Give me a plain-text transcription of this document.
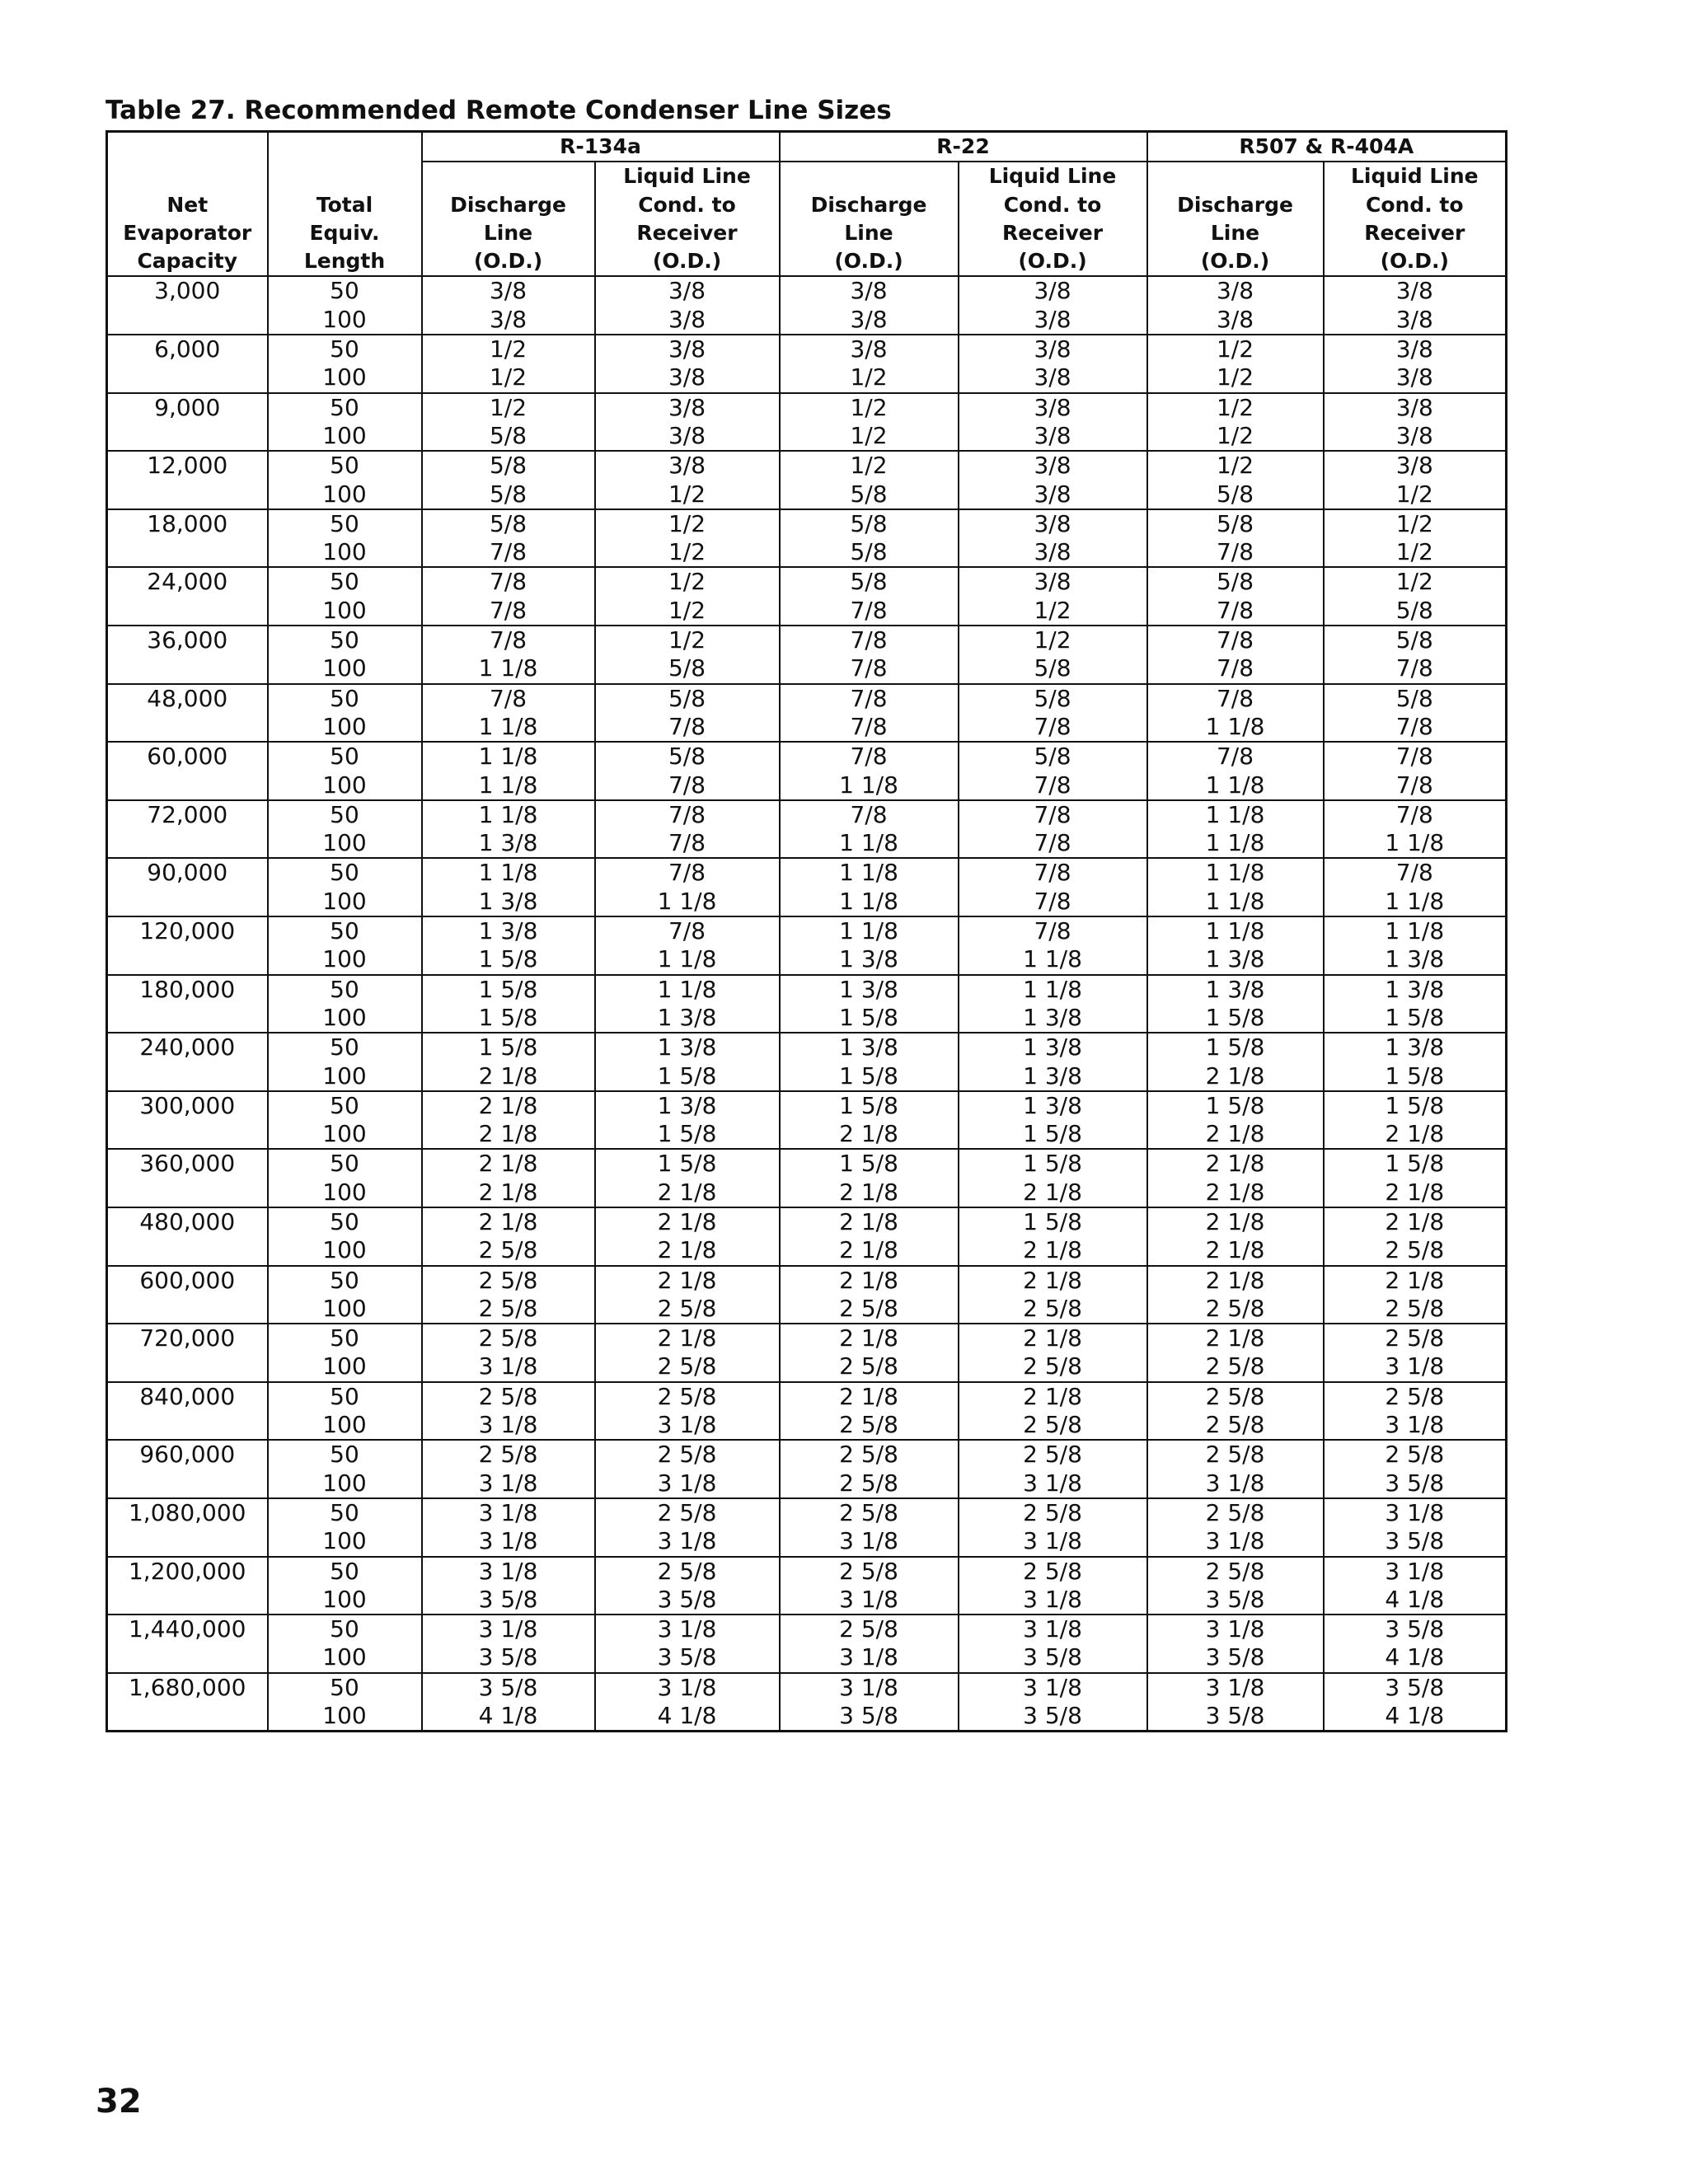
Table 27. Recommended Remote Condenser Line Sizes
		R-134a		R-22		R507 & R-404A	
			Liquid Line		Liquid Line		Liquid Line
Net	Total	Discharge	Cond. to	Discharge	Cond. to	Discharge	Cond. to
Evaporator	Equiv.	Line	Receiver	Line	Receiver	Line	Receiver
Capacity	Length	(O.D.)	(O.D.)	(O.D.)	(O.D.)	(O.D.)	(O.D.)
3,000	50	3/8	3/8	3/8	3/8	3/8	3/8
	100	3/8	3/8	3/8	3/8	3/8	3/8
6,000	50	1/2	3/8	3/8	3/8	1/2	3/8
	100	1/2	3/8	1/2	3/8	1/2	3/8
9,000	50	1/2	3/8	1/2	3/8	1/2	3/8
	100	5/8	3/8	1/2	3/8	1/2	3/8
12,000	50	5/8	3/8	1/2	3/8	1/2	3/8
	100	5/8	1/2	5/8	3/8	5/8	1/2
18,000	50	5/8	1/2	5/8	3/8	5/8	1/2
	100	7/8	1/2	5/8	3/8	7/8	1/2
24,000	50	7/8	1/2	5/8	3/8	5/8	1/2
	100	7/8	1/2	7/8	1/2	7/8	5/8
36,000	50	7/8	1/2	7/8	1/2	7/8	5/8
	100	1 1/8	5/8	7/8	5/8	7/8	7/8
48,000	50	7/8	5/8	7/8	5/8	7/8	5/8
	100	1 1/8	7/8	7/8	7/8	1 1/8	7/8
60,000	50	1 1/8	5/8	7/8	5/8	7/8	7/8
	100	1 1/8	7/8	1 1/8	7/8	1 1/8	7/8
72,000	50	1 1/8	7/8	7/8	7/8	1 1/8	7/8
	100	1 3/8	7/8	1 1/8	7/8	1 1/8	1 1/8
90,000	50	1 1/8	7/8	1 1/8	7/8	1 1/8	7/8
	100	1 3/8	1 1/8	1 1/8	7/8	1 1/8	1 1/8
120,000	50	1 3/8	7/8	1 1/8	7/8	1 1/8	1 1/8
	100	1 5/8	1 1/8	1 3/8	1 1/8	1 3/8	1 3/8
180,000	50	1 5/8	1 1/8	1 3/8	1 1/8	1 3/8	1 3/8
	100	1 5/8	1 3/8	1 5/8	1 3/8	1 5/8	1 5/8
240,000	50	1 5/8	1 3/8	1 3/8	1 3/8	1 5/8	1 3/8
	100	2 1/8	1 5/8	1 5/8	1 3/8	2 1/8	1 5/8
300,000	50	2 1/8	1 3/8	1 5/8	1 3/8	1 5/8	1 5/8
	100	2 1/8	1 5/8	2 1/8	1 5/8	2 1/8	2 1/8
360,000	50	2 1/8	1 5/8	1 5/8	1 5/8	2 1/8	1 5/8
	100	2 1/8	2 1/8	2 1/8	2 1/8	2 1/8	2 1/8
480,000	50	2 1/8	2 1/8	2 1/8	1 5/8	2 1/8	2 1/8
	100	2 5/8	2 1/8	2 1/8	2 1/8	2 1/8	2 5/8
600,000	50	2 5/8	2 1/8	2 1/8	2 1/8	2 1/8	2 1/8
	100	2 5/8	2 5/8	2 5/8	2 5/8	2 5/8	2 5/8
720,000	50	2 5/8	2 1/8	2 1/8	2 1/8	2 1/8	2 5/8
	100	3 1/8	2 5/8	2 5/8	2 5/8	2 5/8	3 1/8
840,000	50	2 5/8	2 5/8	2 1/8	2 1/8	2 5/8	2 5/8
	100	3 1/8	3 1/8	2 5/8	2 5/8	2 5/8	3 1/8
960,000	50	2 5/8	2 5/8	2 5/8	2 5/8	2 5/8	2 5/8
	100	3 1/8	3 1/8	2 5/8	3 1/8	3 1/8	3 5/8
1,080,000	50	3 1/8	2 5/8	2 5/8	2 5/8	2 5/8	3 1/8
	100	3 1/8	3 1/8	3 1/8	3 1/8	3 1/8	3 5/8
1,200,000	50	3 1/8	2 5/8	2 5/8	2 5/8	2 5/8	3 1/8
	100	3 5/8	3 5/8	3 1/8	3 1/8	3 5/8	4 1/8
1,440,000	50	3 1/8	3 1/8	2 5/8	3 1/8	3 1/8	3 5/8
	100	3 5/8	3 5/8	3 1/8	3 5/8	3 5/8	4 1/8
1,680,000	50	3 5/8	3 1/8	3 1/8	3 1/8	3 1/8	3 5/8
	100	4 1/8	4 1/8	3 5/8	3 5/8	3 5/8	4 1/8
32
